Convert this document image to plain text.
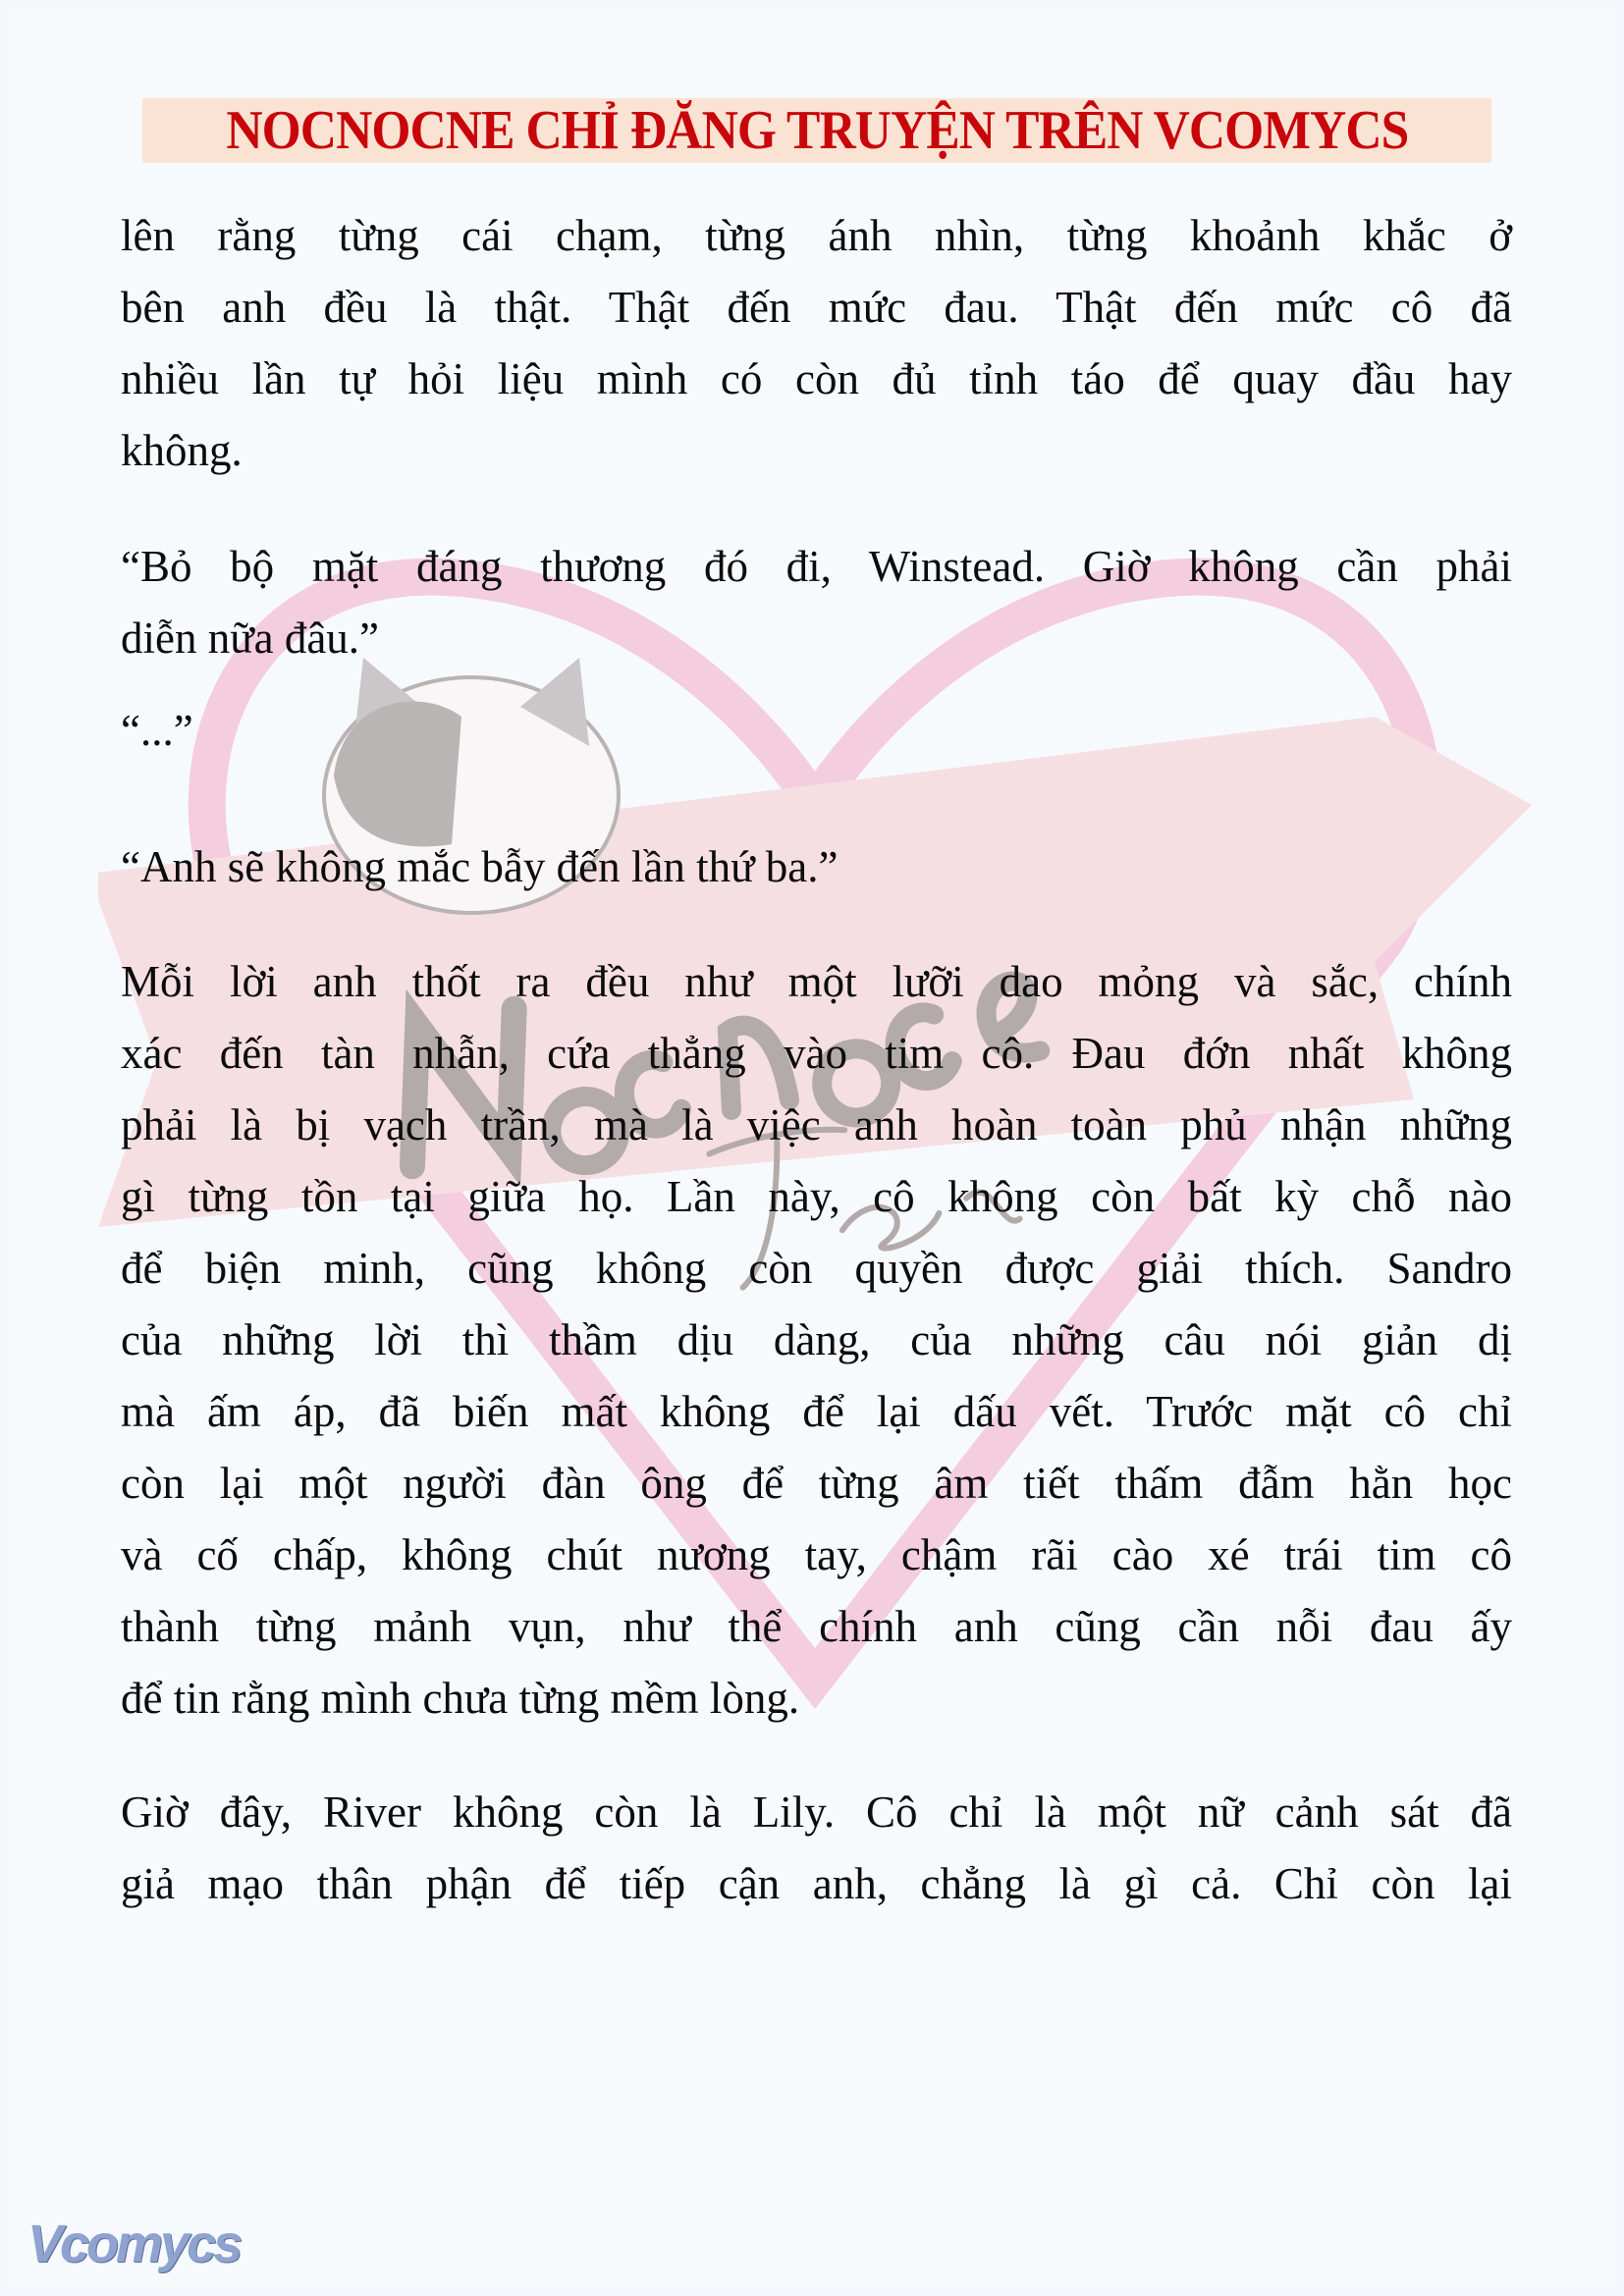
NOCNOCNE CHỈ ĐĂNG TRUYỆN TRÊN VCOMYCS
lên rằng từng cái chạm, từng ánh nhìn, từng khoảnh khắc ở
bên anh đều là thật. Thật đến mức đau. Thật đến mức cô đã
nhiều lần tự hỏi liệu mình có còn đủ tỉnh táo để quay đầu hay
không.
“Bỏ bộ mặt đáng thương đó đi, Winstead. Giờ không cần phải
diễn nữa đâu.”
“...”
“Anh sẽ không mắc bẫy đến lần thứ ba.”
Mỗi lời anh thốt ra đều như một lưỡi dao mỏng và sắc, chính
xác đến tàn nhẫn, cứa thẳng vào tim cô. Đau đớn nhất không
phải là bị vạch trần, mà là việc anh hoàn toàn phủ nhận những
gì từng tồn tại giữa họ. Lần này, cô không còn bất kỳ chỗ nào
để biện minh, cũng không còn quyền được giải thích. Sandro
của những lời thì thầm dịu dàng, của những câu nói giản dị
mà ấm áp, đã biến mất không để lại dấu vết. Trước mặt cô chỉ
còn lại một người đàn ông để từng âm tiết thấm đẫm hằn học
và cố chấp, không chút nương tay, chậm rãi cào xé trái tim cô
thành từng mảnh vụn, như thể chính anh cũng cần nỗi đau ấy
để tin rằng mình chưa từng mềm lòng.
Giờ đây, River không còn là Lily. Cô chỉ là một nữ cảnh sát đã
giả mạo thân phận để tiếp cận anh, chẳng là gì cả. Chỉ còn lại
Vcomycs
